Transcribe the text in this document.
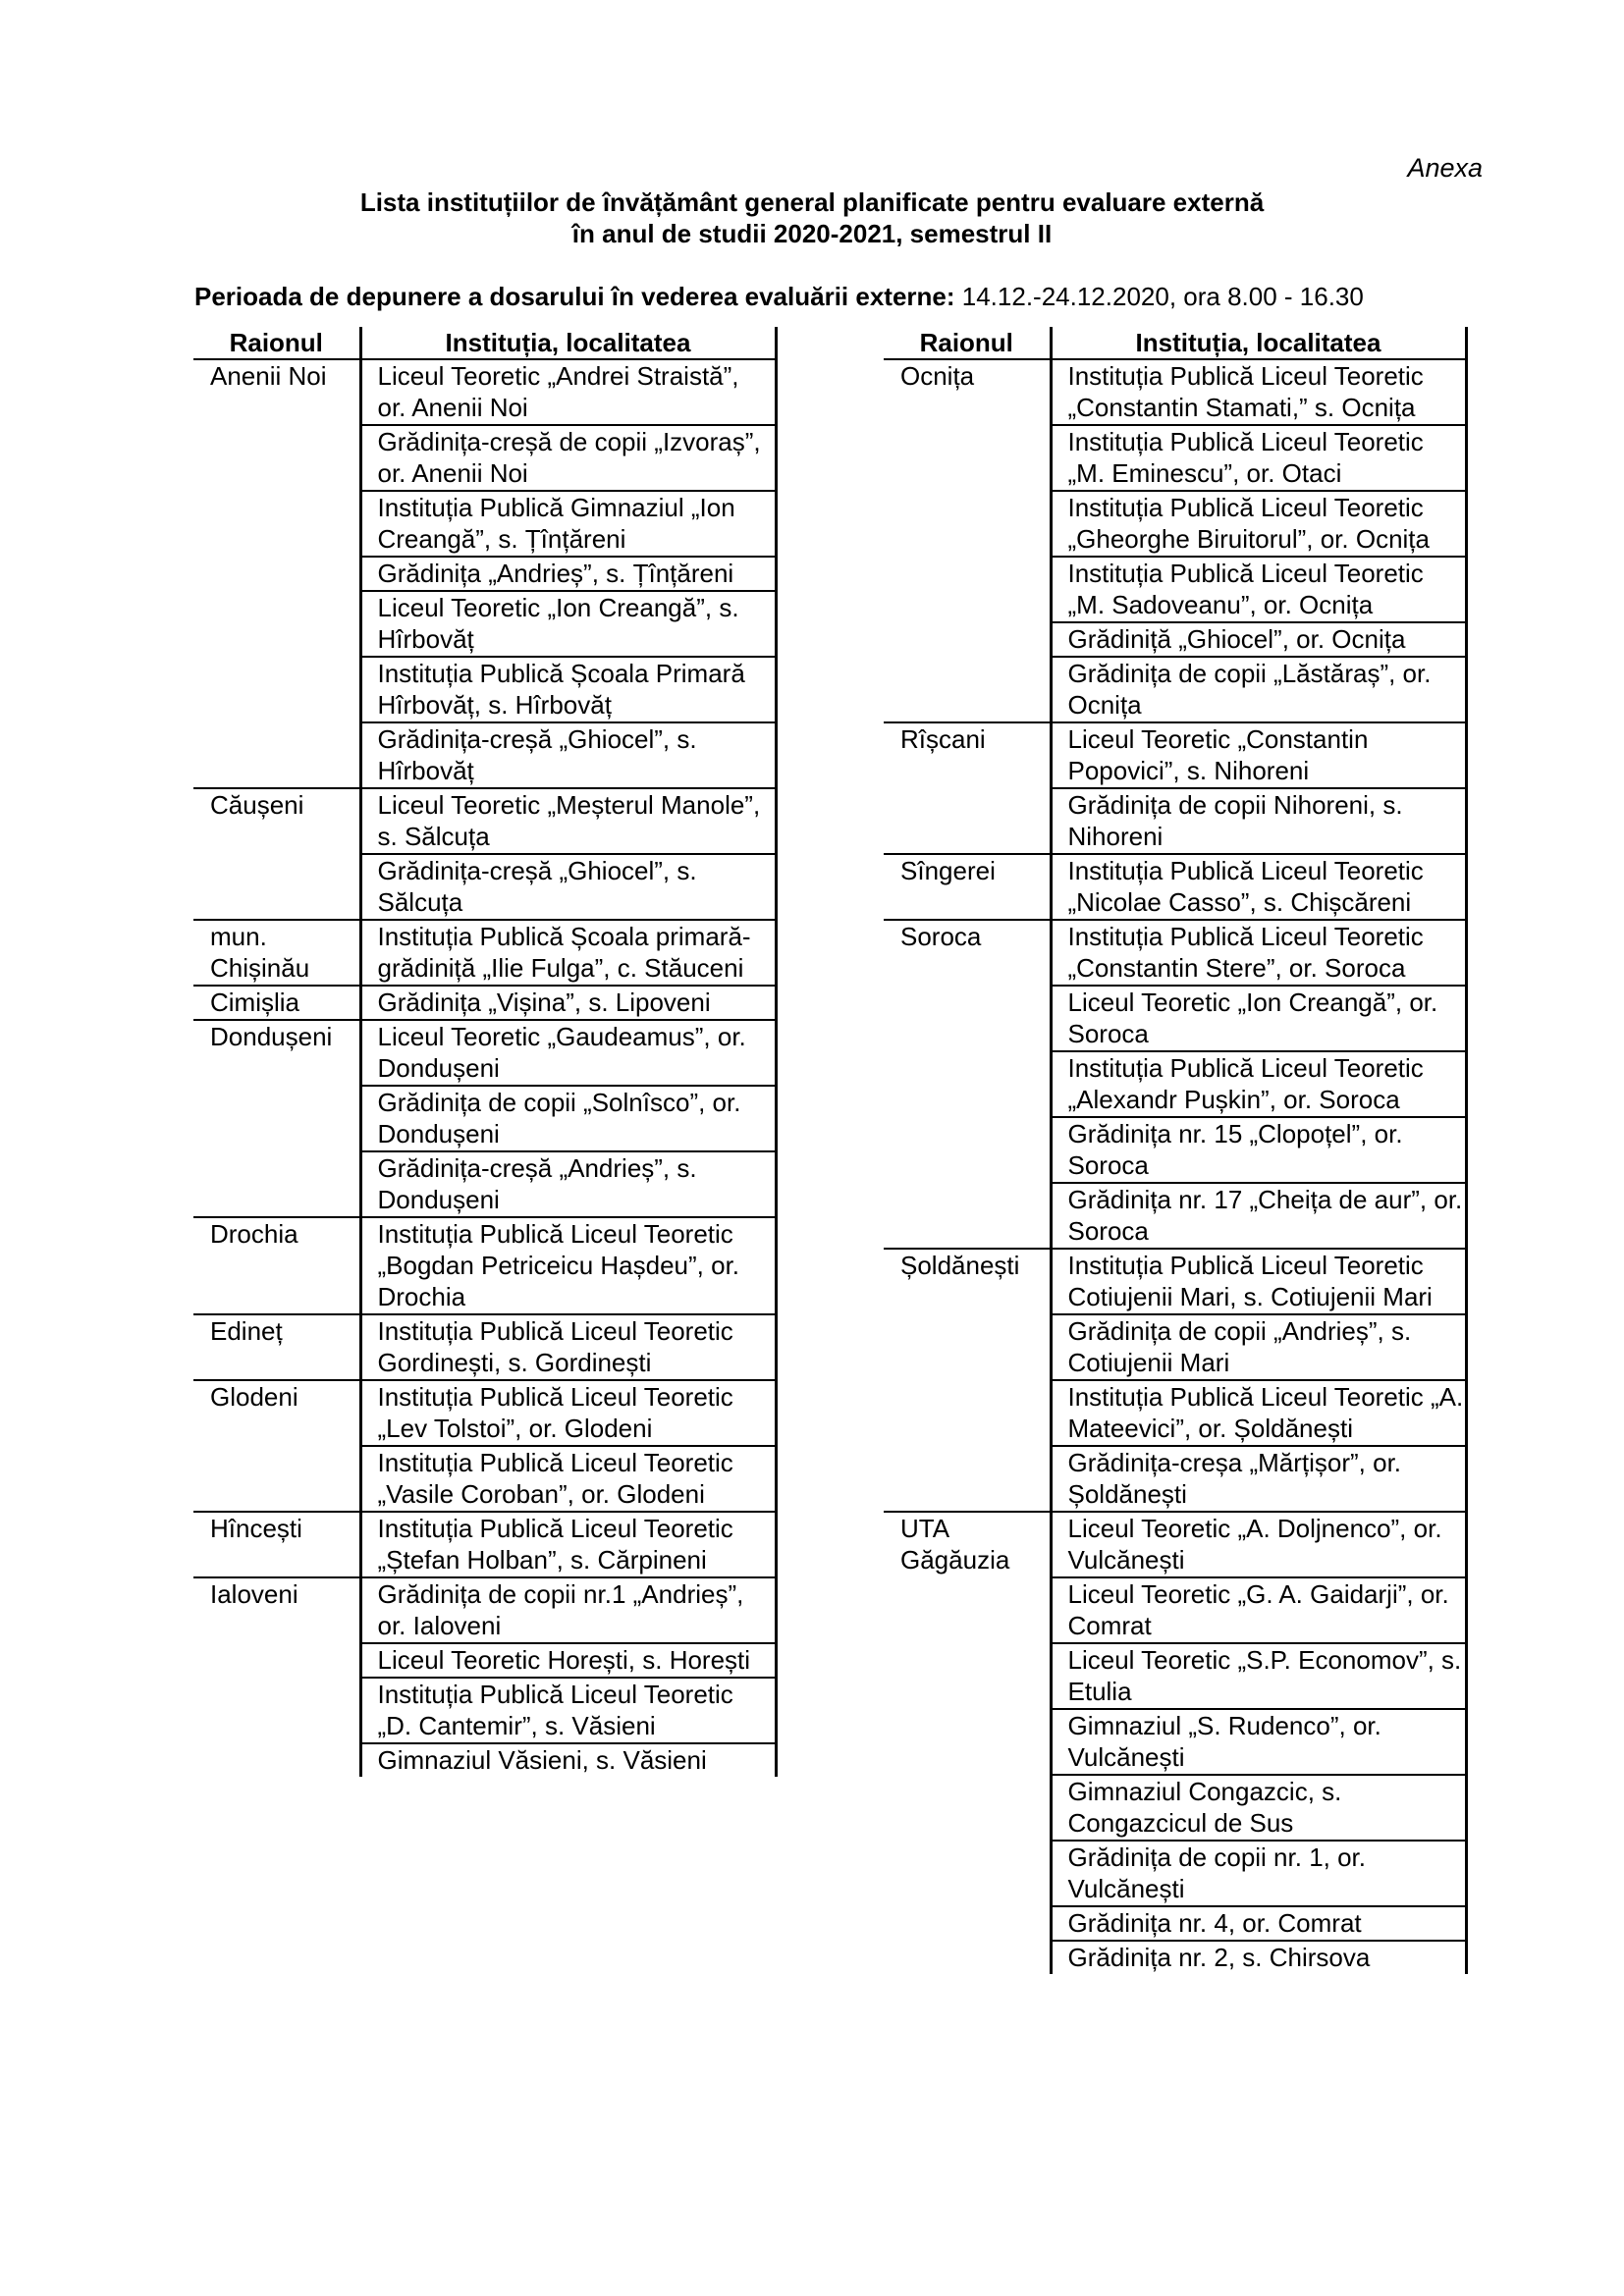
Anexa
Lista instituțiilor de învățământ general planificate pentru evaluare externă
în anul de studii 2020-2021, semestrul II
Perioada de depunere a dosarului în vederea evaluării externe: 14.12.-24.12.2020, ora 8.00 - 16.30
Raionul	Instituția, localitatea
Anenii Noi	Liceul Teoretic „Andrei Straistă”, or. Anenii Noi
	Grădinița-creșă de copii „Izvoraș”, or. Anenii Noi
	Instituția Publică Gimnaziul „Ion Creangă”, s. Țînțăreni
	Grădinița „Andrieș”, s. Țînțăreni
	Liceul Teoretic „Ion Creangă”, s. Hîrbovăț
	Instituția Publică Școala Primară Hîrbovăț, s. Hîrbovăț
	Grădinița-creșă „Ghiocel”, s. Hîrbovăț
Căușeni	Liceul Teoretic „Meșterul Manole”, s. Sălcuța
	Grădinița-creșă „Ghiocel”, s. Sălcuța
mun. Chișinău	Instituția Publică Școala primară-grădiniță „Ilie Fulga”, c. Stăuceni
Cimișlia	Grădinița „Vișina”, s. Lipoveni
Dondușeni	Liceul Teoretic „Gaudeamus”, or. Dondușeni
	Grădinița de copii „Solnîsco”, or. Dondușeni
	Grădinița-creșă „Andrieș”, s. Dondușeni
Drochia	Instituția Publică Liceul Teoretic „Bogdan Petriceicu Hașdeu”, or. Drochia
Edineț	Instituția Publică Liceul Teoretic Gordinești, s. Gordinești
Glodeni	Instituția Publică Liceul Teoretic „Lev Tolstoi”, or. Glodeni
	Instituția Publică Liceul Teoretic „Vasile Coroban”, or. Glodeni
Hîncești	Instituția Publică Liceul Teoretic „Ștefan Holban”, s. Cărpineni
Ialoveni	Grădinița de copii nr.1 „Andrieș”, or. Ialoveni
	Liceul Teoretic Horești, s. Horești
	Instituția Publică Liceul Teoretic „D. Cantemir”, s. Văsieni
	Gimnaziul Văsieni, s. Văsieni
Raionul	Instituția, localitatea
Ocnița	Instituția Publică Liceul Teoretic „Constantin Stamati,” s. Ocnița
	Instituția Publică Liceul Teoretic „M. Eminescu”, or. Otaci
	Instituția Publică Liceul Teoretic „Gheorghe Biruitorul”, or. Ocnița
	Instituția Publică Liceul Teoretic „M. Sadoveanu”, or. Ocnița
	Grădiniță „Ghiocel”, or. Ocnița
	Grădinița de copii „Lăstăraș”, or. Ocnița
Rîșcani	Liceul Teoretic „Constantin Popovici”, s. Nihoreni
	Grădinița de copii Nihoreni, s. Nihoreni
Sîngerei	Instituția Publică Liceul Teoretic „Nicolae Casso”, s. Chișcăreni
Soroca	Instituția Publică Liceul Teoretic „Constantin Stere”, or. Soroca
	Liceul Teoretic „Ion Creangă”, or. Soroca
	Instituția Publică Liceul Teoretic „Alexandr Pușkin”, or. Soroca
	Grădinița nr. 15 „Clopoțel”, or. Soroca
	Grădinița nr. 17 „Cheița de aur”, or. Soroca
Șoldănești	Instituția Publică Liceul Teoretic Cotiujenii Mari, s. Cotiujenii Mari
	Grădinița de copii „Andrieș”, s. Cotiujenii Mari
	Instituția Publică Liceul Teoretic „A. Mateevici”, or. Șoldănești
	Grădinița-creșa „Mărțișor”, or. Șoldănești
UTA Găgăuzia	Liceul Teoretic „A. Doljnenco”, or. Vulcănești
	Liceul Teoretic „G. A. Gaidarji”, or. Comrat
	Liceul Teoretic „S.P. Economov”, s. Etulia
	Gimnaziul „S. Rudenco”, or. Vulcănești
	Gimnaziul Congazcic, s. Congazcicul de Sus
	Grădinița de copii nr. 1, or. Vulcănești
	Grădinița nr. 4, or. Comrat
	Grădinița nr. 2, s. Chirsova
